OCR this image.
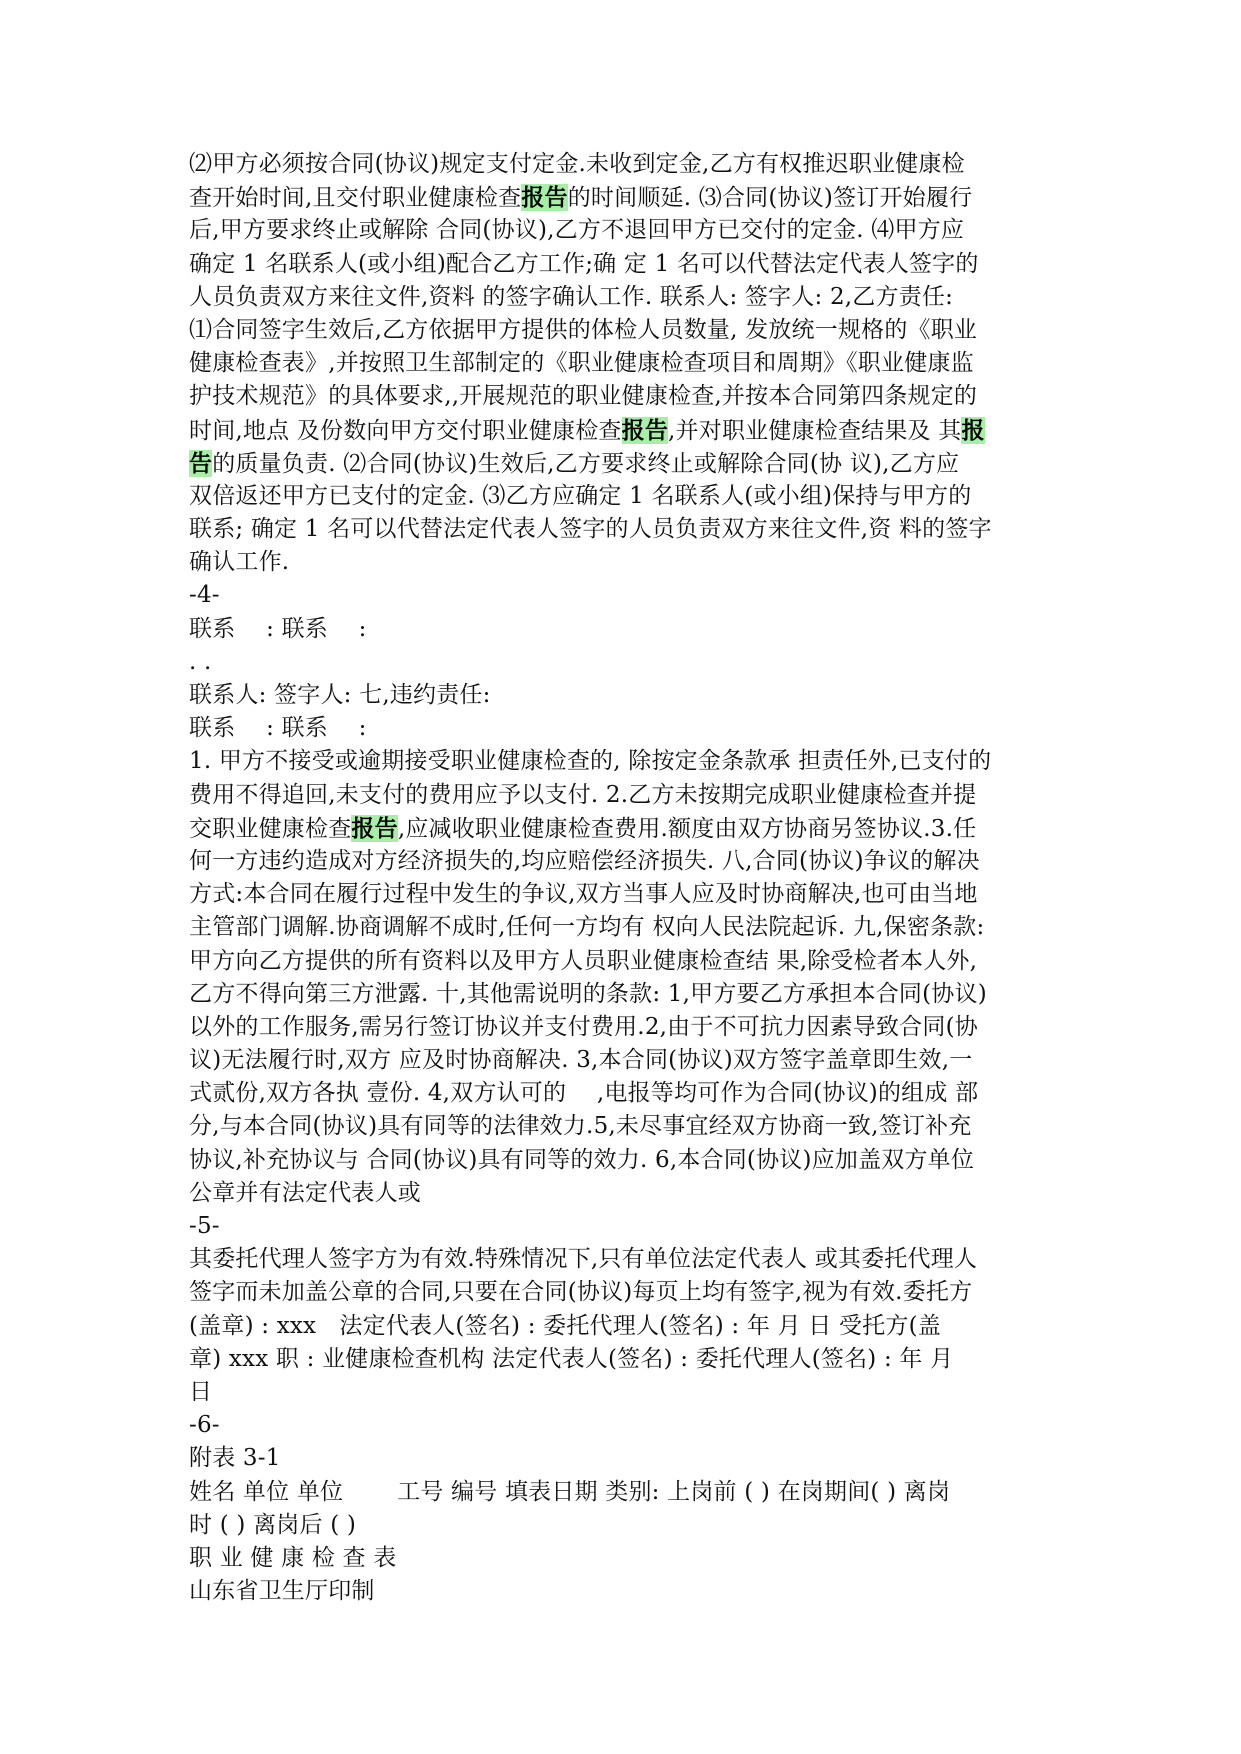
⑵甲方必须按合同(协议)规定支付定金.未收到定金,乙方有权推迟职业健康检
查开始时间,且交付职业健康检查报告的时间顺延. ⑶合同(协议)签订开始履行
后,甲方要求终止或解除 合同(协议),乙方不退回甲方已交付的定金. ⑷甲方应
确定 1 名联系人(或小组)配合乙方工作;确 定 1 名可以代替法定代表人签字的
人员负责双方来往文件,资料 的签字确认工作. 联系人: 签字人: 2,乙方责任:
⑴合同签字生效后,乙方依据甲方提供的体检人员数量, 发放统一规格的《职业
健康检查表》,并按照卫生部制定的《职业健康检查项目和周期》《职业健康监
护技术规范》的具体要求,,开展规范的职业健康检查,并按本合同第四条规定的
时间,地点 及份数向甲方交付职业健康检查报告,并对职业健康检查结果及 其报
告的质量负责. ⑵合同(协议)生效后,乙方要求终止或解除合同(协 议),乙方应
双倍返还甲方已支付的定金. ⑶乙方应确定 1 名联系人(或小组)保持与甲方的
联系; 确定 1 名可以代替法定代表人签字的人员负责双方来往文件,资 料的签字
确认工作.
-4-
联系　 : 联系　 :
. .
联系人: 签字人: 七,违约责任:
联系　 : 联系　 :
1. 甲方不接受或逾期接受职业健康检查的, 除按定金条款承 担责任外,已支付的
费用不得追回,未支付的费用应予以支付. 2.乙方未按期完成职业健康检查并提
交职业健康检查报告,应减收职业健康检查费用.额度由双方协商另签协议.3.任
何一方违约造成对方经济损失的,均应赔偿经济损失. 八,合同(协议)争议的解决
方式:本合同在履行过程中发生的争议,双方当事人应及时协商解决,也可由当地
主管部门调解.协商调解不成时,任何一方均有 权向人民法院起诉. 九,保密条款:
甲方向乙方提供的所有资料以及甲方人员职业健康检查结 果,除受检者本人外,
乙方不得向第三方泄露. 十,其他需说明的条款: 1,甲方要乙方承担本合同(协议)
以外的工作服务,需另行签订协议并支付费用.2,由于不可抗力因素导致合同(协
议)无法履行时,双方 应及时协商解决. 3,本合同(协议)双方签字盖章即生效,一
式贰份,双方各执 壹份. 4,双方认可的　 ,电报等均可作为合同(协议)的组成 部
分,与本合同(协议)具有同等的法律效力.5,未尽事宜经双方协商一致,签订补充
协议,补充协议与 合同(协议)具有同等的效力. 6,本合同(协议)应加盖双方单位
公章并有法定代表人或
-5-
其委托代理人签字方为有效.特殊情况下,只有单位法定代表人 或其委托代理人
签字而未加盖公章的合同,只要在合同(协议)每页上均有签字,视为有效.委托方
(盖章) : xxx　法定代表人(签名) : 委托代理人(签名) : 年 月 日 受托方(盖
章) xxx 职 : 业健康检查机构 法定代表人(签名) : 委托代理人(签名) : 年 月
日
-6-
附表 3-1
姓名 单位 单位　　 工号 编号 填表日期 类别: 上岗前 ( ) 在岗期间( ) 离岗
时 ( ) 离岗后 ( )
职 业 健 康 检 查 表
山东省卫生厅印制
